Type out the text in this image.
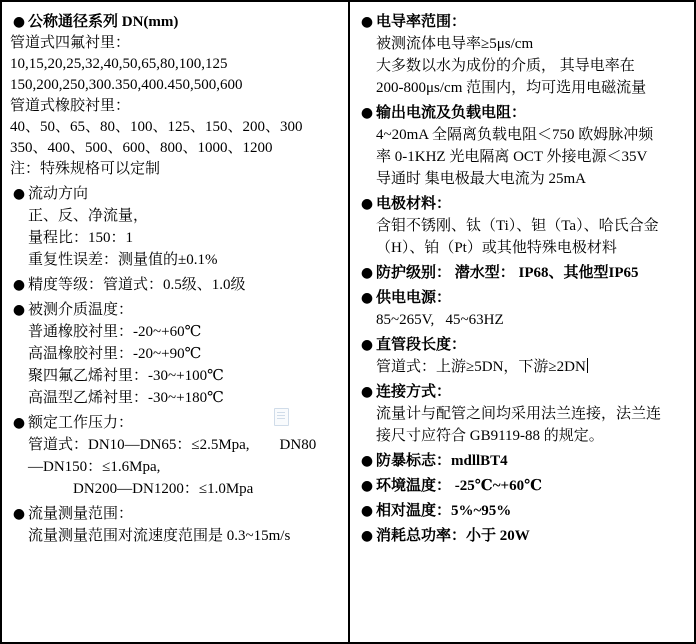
● 公称通径系列 DN(mm)
管道式四氟衬里：
10,15,20,25,32,40,50,65,80,100,125
150,200,250,300.350,400.450,500,600
管道式橡胶衬里：
40、50、65、80、100、125、150、200、300
350、400、500、600、800、1000、1200
注：特殊规格可以定制
● 流动方向
正、反、净流量，
量程比：150：1
重复性误差：测量值的±0.1%
● 精度等级：管道式：0.5级、1.0级
● 被测介质温度：
普通橡胶衬里：-20~+60℃
高温橡胶衬里：-20~+90℃
聚四氟乙烯衬里：-30~+100℃
高温型乙烯衬里：-30~+180℃
● 额定工作压力：
管道式：DN10—DN65：≤2.5Mpa,        DN80
—DN150：≤1.6Mpa,
DN200—DN1200：≤1.0Mpa
● 流量测量范围：
流量测量范围对流速度范围是 0.3~15m/s
● 电导率范围：
被测流体电导率≥5μs/cm
大多数以水为成份的介质， 其导电率在
200-800μs/cm 范围内，均可选用电磁流量
● 输出电流及负载电阻：
4~20mA 全隔离负载电阻＜750 欧姆脉冲频
率 0-1KHZ 光电隔离 OCT 外接电源＜35V
导通时 集电极最大电流为 25mA
● 电极材料：
含钼不锈刚、钛（Ti）、钽（Ta）、哈氏合金
（H）、铂（Pt）或其他特殊电极材料
● 防护级别： 潜水型： IP68、其他型IP65
● 供电电源：
85~265V,   45~63HZ
● 直管段长度：
管道式：上游≥5DN，下游≥2DN
● 连接方式：
流量计与配管之间均采用法兰连接，法兰连
接尺寸应符合 GB9119-88 的规定。
● 防暴标志：mdllBT4
● 环境温度： -25℃~+60℃
● 相对温度：5%~95%
● 消耗总功率：小于 20W
